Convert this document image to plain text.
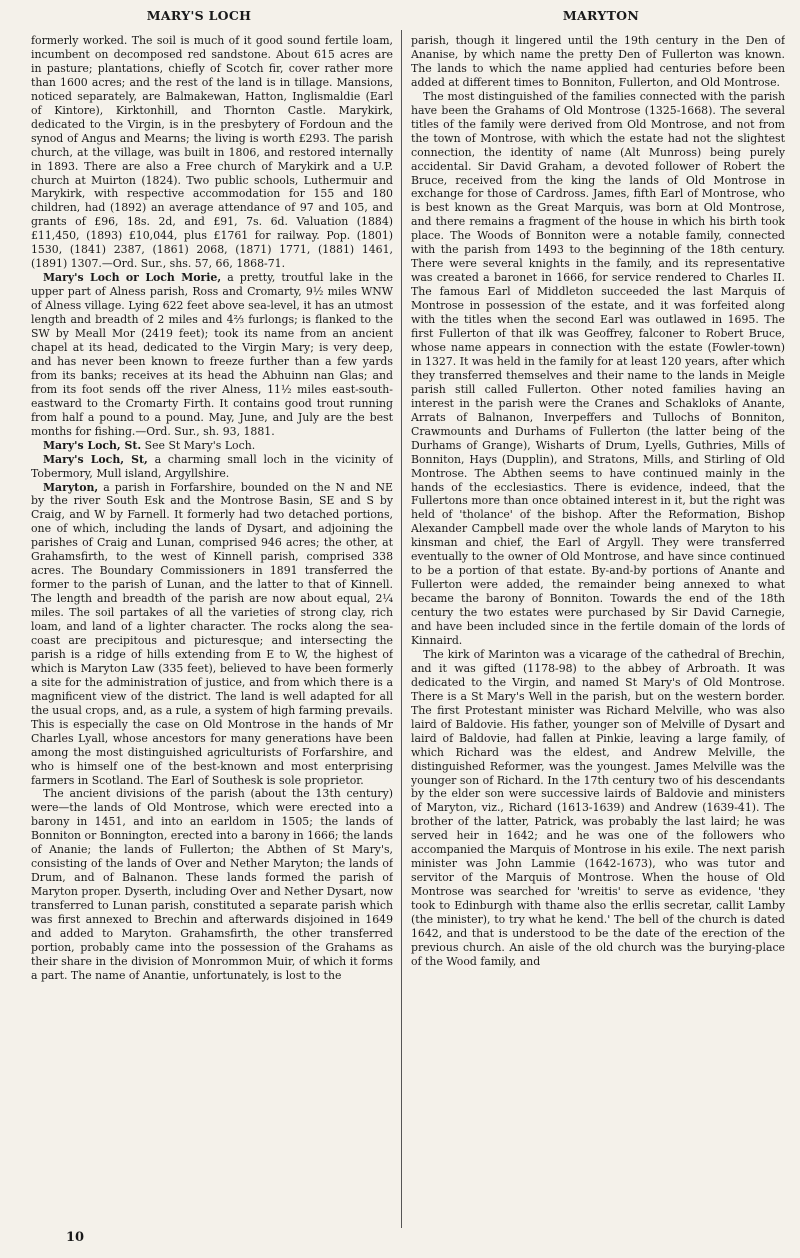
MARY'S LOCH	MARYTON

formerly worked. The soil is much of it good sound fertile loam, incumbent on decomposed red sandstone. About 615 acres are in pasture; plantations, chiefly of Scotch fir, cover rather more than 1600 acres; and the rest of the land is in tillage. Mansions, noticed separately, are Balmakewan, Hatton, Inglismaldie (Earl of Kintore), Kirktonhill, and Thornton Castle. Marykirk, dedicated to the Virgin, is in the presbytery of Fordoun and the synod of Angus and Mearns; the living is worth £293. The parish church, at the village, was built in 1806, and restored internally in 1893. There are also a Free church of Marykirk and a U.P. church at Muirton (1824). Two public schools, Luthermuir and Marykirk, with respective accommodation for 155 and 180 children, had (1892) an average attendance of 97 and 105, and grants of £96, 18s. 2d, and £91, 7s. 6d. Valuation (1884) £11,450, (1893) £10,044, plus £1761 for railway. Pop. (1801) 1530, (1841) 2387, (1861) 2068, (1871) 1771, (1881) 1461, (1891) 1307.—Ord. Sur., shs. 57, 66, 1868-71.

Mary's Loch or Loch Morie, a pretty, troutful lake in the upper part of Alness parish, Ross and Cromarty, 9½ miles WNW of Alness village. Lying 622 feet above sea-level, it has an utmost length and breadth of 2 miles and 4⅔ furlongs; is flanked to the SW by Meall Mor (2419 feet); took its name from an ancient chapel at its head, dedicated to the Virgin Mary; is very deep, and has never been known to freeze further than a few yards from its banks; receives at its head the Abhuinn nan Glas; and from its foot sends off the river Alness, 11½ miles east-south-eastward to the Cromarty Firth. It contains good trout running from half a pound to a pound. May, June, and July are the best months for fishing.—Ord. Sur., sh. 93, 1881.

Mary's Loch, St. See St Mary's Loch.

Mary's Loch, St, a charming small loch in the vicinity of Tobermory, Mull island, Argyllshire.

Maryton, a parish in Forfarshire, bounded on the N and NE by the river South Esk and the Montrose Basin, SE and S by Craig, and W by Farnell. It formerly had two detached portions, one of which, including the lands of Dysart, and adjoining the parishes of Craig and Lunan, comprised 946 acres; the other, at Grahamsfirth, to the west of Kinnell parish, comprised 338 acres. The Boundary Commissioners in 1891 transferred the former to the parish of Lunan, and the latter to that of Kinnell. The length and breadth of the parish are now about equal, 2¼ miles. The soil partakes of all the varieties of strong clay, rich loam, and land of a lighter character. The rocks along the sea-coast are precipitous and picturesque; and intersecting the parish is a ridge of hills extending from E to W, the highest of which is Maryton Law (335 feet), believed to have been formerly a site for the administration of justice, and from which there is a magnificent view of the district. The land is well adapted for all the usual crops, and, as a rule, a system of high farming prevails. This is especially the case on Old Montrose in the hands of Mr Charles Lyall, whose ancestors for many generations have been among the most distinguished agriculturists of Forfarshire, and who is himself one of the best-known and most enterprising farmers in Scotland. The Earl of Southesk is sole proprietor.

The ancient divisions of the parish (about the 13th century) were—the lands of Old Montrose, which were erected into a barony in 1451, and into an earldom in 1505; the lands of Bonniton or Bonnington, erected into a barony in 1666; the lands of Ananie; the lands of Fullerton; the Abthen of St Mary's, consisting of the lands of Over and Nether Maryton; the lands of Drum, and of Balnanon. These lands formed the parish of Maryton proper. Dyserth, including Over and Nether Dysart, now transferred to Lunan parish, constituted a separate parish which was first annexed to Brechin and afterwards disjoined in 1649 and added to Maryton. Grahamsfirth, the other transferred portion, probably came into the possession of the Grahams as their share in the division of Monrommon Muir, of which it forms a part. The name of Anantie, unfortunately, is lost to the

parish, though it lingered until the 19th century in the Den of Ananise, by which name the pretty Den of Fullerton was known. The lands to which the name applied had centuries before been added at different times to Bonniton, Fullerton, and Old Montrose.

The most distinguished of the families connected with the parish have been the Grahams of Old Montrose (1325-1668). The several titles of the family were derived from Old Montrose, and not from the town of Montrose, with which the estate had not the slightest connection, the identity of name (Alt Munross) being purely accidental. Sir David Graham, a devoted follower of Robert the Bruce, received from the king the lands of Old Montrose in exchange for those of Cardross. James, fifth Earl of Montrose, who is best known as the Great Marquis, was born at Old Montrose, and there remains a fragment of the house in which his birth took place. The Woods of Bonniton were a notable family, connected with the parish from 1493 to the beginning of the 18th century. There were several knights in the family, and its representative was created a baronet in 1666, for service rendered to Charles II. The famous Earl of Middleton succeeded the last Marquis of Montrose in possession of the estate, and it was forfeited along with the titles when the second Earl was outlawed in 1695. The first Fullerton of that ilk was Geoffrey, falconer to Robert Bruce, whose name appears in connection with the estate (Fowler-town) in 1327. It was held in the family for at least 120 years, after which they transferred themselves and their name to the lands in Meigle parish still called Fullerton. Other noted families having an interest in the parish were the Cranes and Schakloks of Anante, Arrats of Balnanon, Inverpeffers and Tullochs of Bonniton, Crawmounts and Durhams of Fullerton (the latter being of the Durhams of Grange), Wisharts of Drum, Lyells, Guthries, Mills of Bonniton, Hays (Dupplin), and Stratons, Mills, and Stirling of Old Montrose. The Abthen seems to have continued mainly in the hands of the ecclesiastics. There is evidence, indeed, that the Fullertons more than once obtained interest in it, but the right was held of 'tholance' of the bishop. After the Reformation, Bishop Alexander Campbell made over the whole lands of Maryton to his kinsman and chief, the Earl of Argyll. They were transferred eventually to the owner of Old Montrose, and have since continued to be a portion of that estate. By-and-by portions of Anante and Fullerton were added, the remainder being annexed to what became the barony of Bonniton. Towards the end of the 18th century the two estates were purchased by Sir David Carnegie, and have been included since in the fertile domain of the lords of Kinnaird.

The kirk of Marinton was a vicarage of the cathedral of Brechin, and it was gifted (1178-98) to the abbey of Arbroath. It was dedicated to the Virgin, and named St Mary's of Old Montrose. There is a St Mary's Well in the parish, but on the western border. The first Protestant minister was Richard Melville, who was also laird of Baldovie. His father, younger son of Melville of Dysart and laird of Baldovie, had fallen at Pinkie, leaving a large family, of which Richard was the eldest, and Andrew Melville, the distinguished Reformer, was the youngest. James Melville was the younger son of Richard. In the 17th century two of his descendants by the elder son were successive lairds of Baldovie and ministers of Maryton, viz., Richard (1613-1639) and Andrew (1639-41). The brother of the latter, Patrick, was probably the last laird; he was served heir in 1642; and he was one of the followers who accompanied the Marquis of Montrose in his exile. The next parish minister was John Lammie (1642-1673), who was tutor and servitor of the Marquis of Montrose. When the house of Old Montrose was searched for 'wreitis' to serve as evidence, 'they took to Edinburgh with thame also the erllis secretar, callit Lamby (the minister), to try what he kend.' The bell of the church is dated 1642, and that is understood to be the date of the erection of the previous church. An aisle of the old church was the burying-place of the Wood family, and

10
